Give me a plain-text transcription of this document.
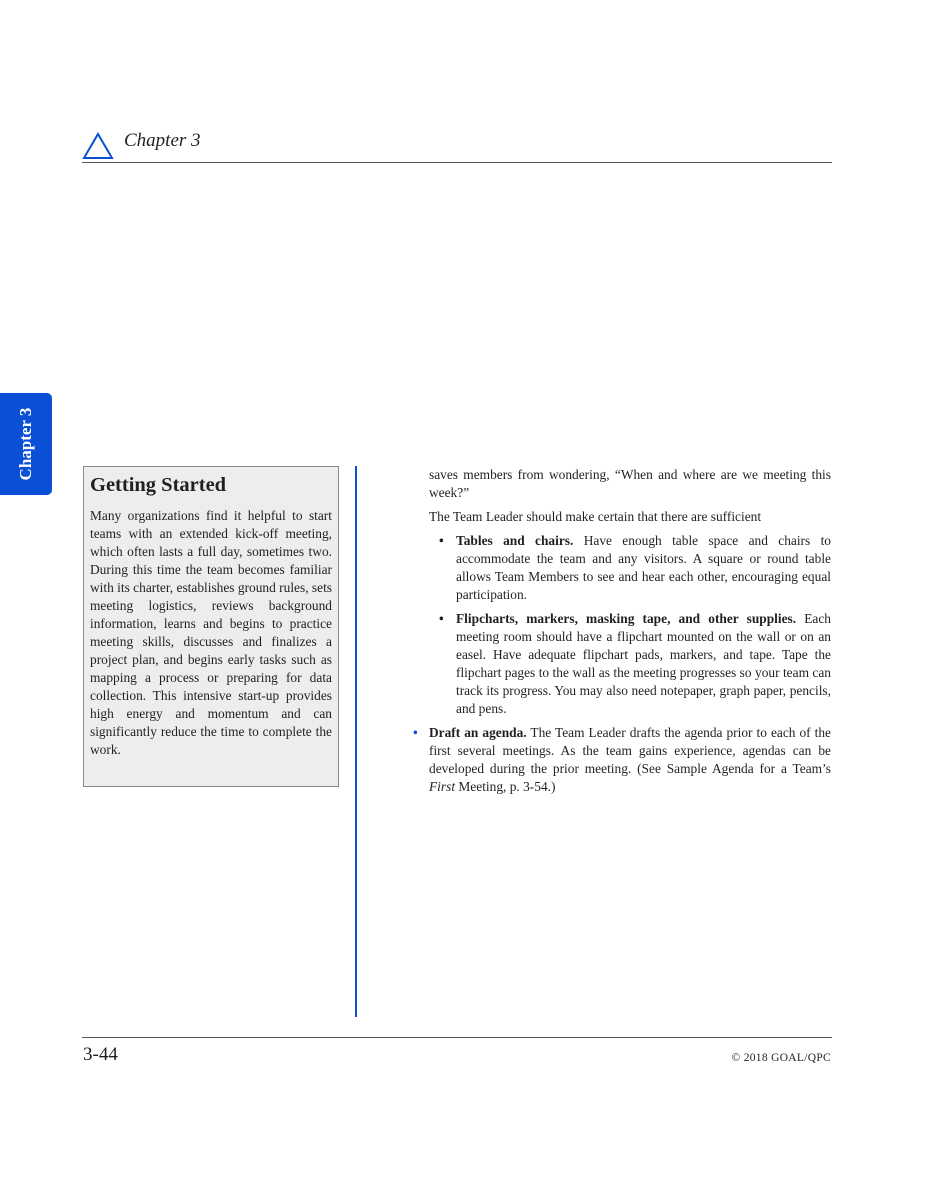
Chapter 3
Chapter 3
Getting Started

Many organizations find it helpful to start teams with an extended kick-off meeting, which often lasts a full day, sometimes two. During this time the team becomes familiar with its charter, establishes ground rules, sets meeting logistics, reviews background information, learns and begins to practice meeting skills, discusses and finalizes a project plan, and begins early tasks such as mapping a process or preparing for data collection. This intensive start-up provides high energy and momentum and can significantly reduce the time to complete the work.

saves members from wondering, “When and where are we meeting this week?”

The Team Leader should make certain that there are sufficient

• Tables and chairs. Have enough table space and chairs to accommodate the team and any visitors. A square or round table allows Team Members to see and hear each other, encouraging equal participation.
• Flipcharts, markers, masking tape, and other supplies. Each meeting room should have a flipchart mounted on the wall or on an easel. Have adequate flipchart pads, markers, and tape. Tape the flipchart pages to the wall as the meeting progresses so your team can track its progress. You may also need notepaper, graph paper, pencils, and pens.

• Draft an agenda. The Team Leader drafts the agenda prior to each of the first several meetings. As the team gains experience, agendas can be developed during the prior meeting. (See Sample Agenda for a Team’s First Meeting, p. 3-54.)

3-44	© 2018 GOAL/QPC
